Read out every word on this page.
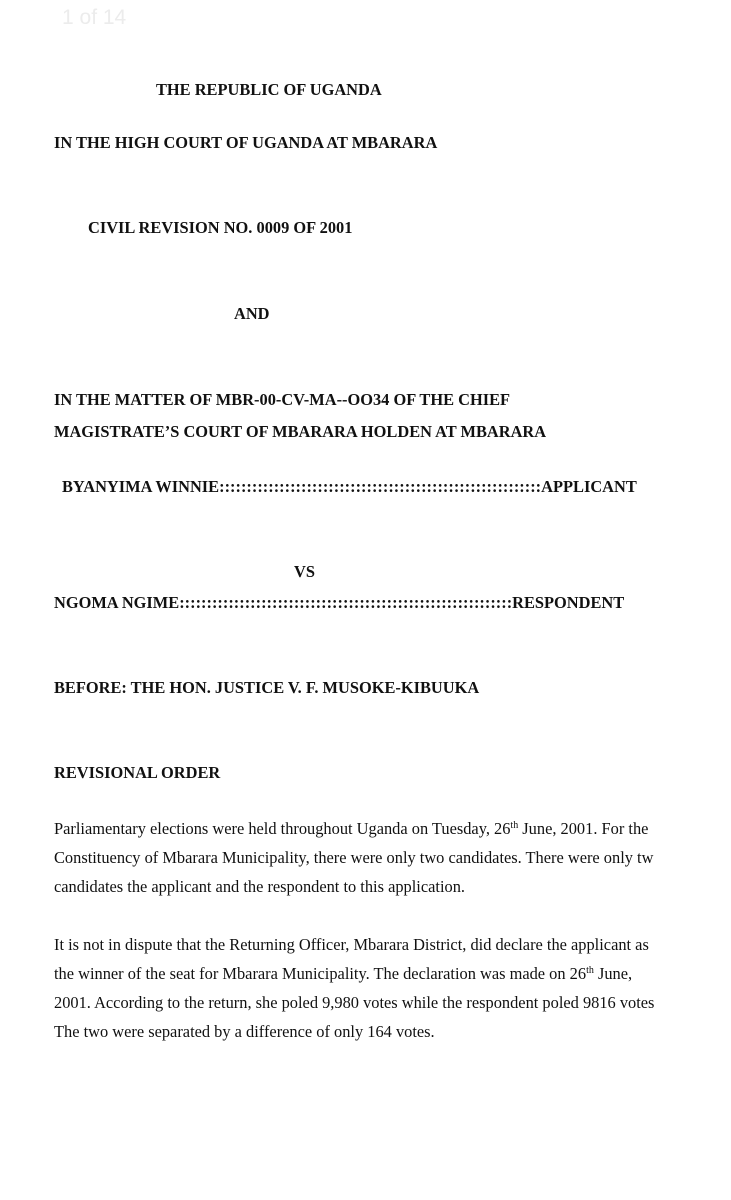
1 of 14
THE REPUBLIC OF UGANDA
IN THE HIGH COURT OF UGANDA AT MBARARA
CIVIL REVISION NO. 0009 OF 2001
AND
IN THE MATTER OF MBR-00-CV-MA--OO34 OF THE CHIEF
MAGISTRATE’S COURT OF MBARARA HOLDEN AT MBARARA
BYANYIMA WINNIE:::::::::::::::::::::::::::::::::::::::::::::::::::::::::::APPLICANT
VS
NGOMA NGIME:::::::::::::::::::::::::::::::::::::::::::::::::::::::::::::RESPONDENT
BEFORE: THE HON. JUSTICE V. F. MUSOKE-KIBUUKA
REVISIONAL ORDER
Parliamentary elections were held throughout Uganda on Tuesday, 26th June, 2001. For the
Constituency of Mbarara Municipality, there were only two candidates. There were only tw
candidates the applicant and the respondent to this application.
It is not in dispute that the Returning Officer, Mbarara District, did declare the applicant as
the winner of the seat for Mbarara Municipality. The declaration was made on 26th June,
2001. According to the return, she poled 9,980 votes while the respondent poled 9816 votes
The two were separated by a difference of only 164 votes.
